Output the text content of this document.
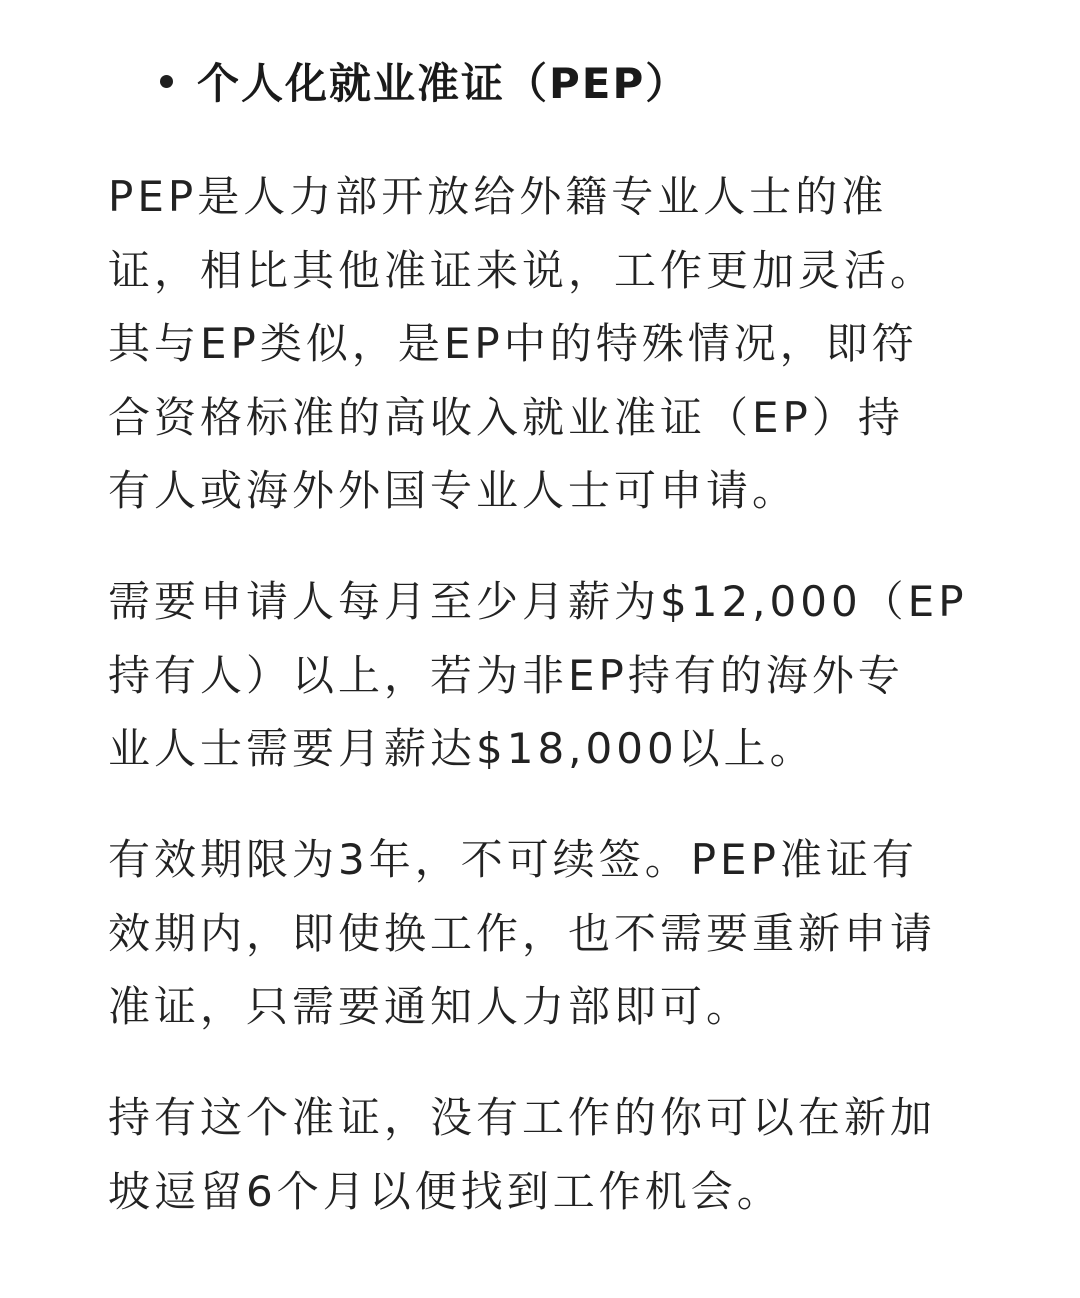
个人化就业准证（PEP）

PEP是人力部开放给外籍专业人士的准
证，相比其他准证来说，工作更加灵活。
其与EP类似，是EP中的特殊情况，即符
合资格标准的高收入就业准证（EP）持
有人或海外外国专业人士可申请。

需要申请人每月至少月薪为$12,000（EP
持有人）以上，若为非EP持有的海外专
业人士需要月薪达$18,000以上。

有效期限为3年，不可续签。PEP准证有
效期内，即使换工作，也不需要重新申请
准证，只需要通知人力部即可。

持有这个准证，没有工作的你可以在新加
坡逗留6个月以便找到工作机会。
